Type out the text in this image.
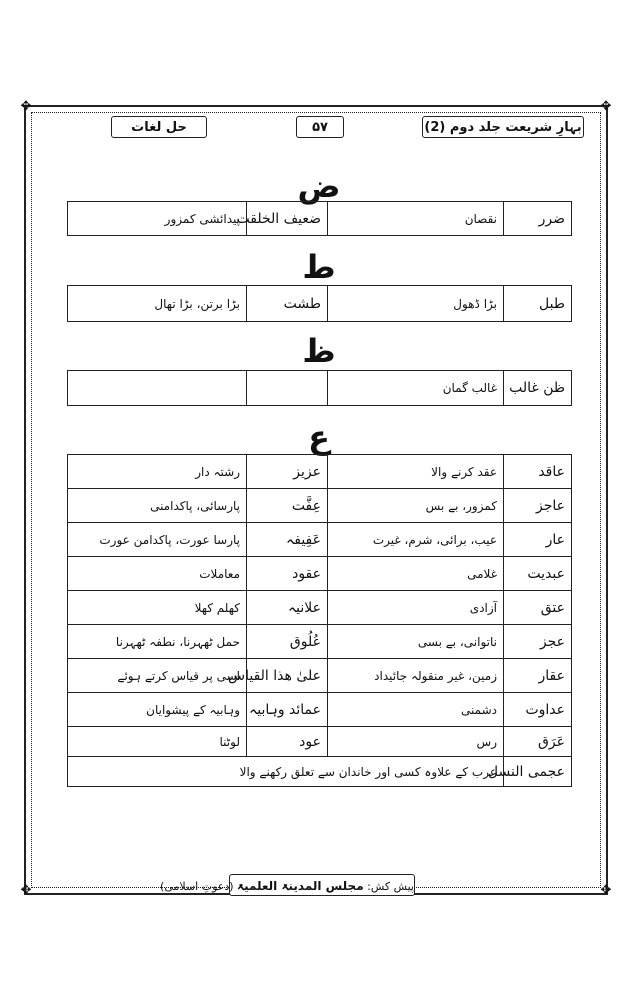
✥	✥
✥	✥
بہارِ شریعت جلد دوم (2)
۵۷
حل لغات
ض
ضرر	نقصان	ضعیف الخلقت	پیدائشی کمزور
ط
طبل	بڑا ڈھول	طشت	بڑا برتن، بڑا تھال
ظ
ظن غالب	غالب گمان		
ع
عاقد	عقد کرنے والا	عزیز	رشتہ دار
عاجز	کمزور، بے بس	عِفَّت	پارسائی، پاکدامنی
عار	عیب، برائی، شرم، غیرت	عَفِیفہ	پارسا عورت، پاکدامن عورت
عبدیت	غلامی	عقود	معاملات
عتق	آزادی	علانیہ	کھلم کھلا
عجز	ناتوانی، بے بسی	عُلُوق	حمل ٹھہرنا، نطفہ ٹھہرنا
عقار	زمین، غیر منقولہ جائیداد	علیٰ ھذا القیاس	اسی پر قیاس کرتے ہوئے
عداوت	دشمنی	عمائد وہابیہ	وہابیہ کے پیشوایان
عَرَق	رس	عود	لوٹنا
عجمی النسل	عرب کے علاوہ کسی اور خاندان سے تعلق رکھنے والا		
پیش کش: مجلس المدینۃ العلمیۃ (دعوتِ اسلامی)
